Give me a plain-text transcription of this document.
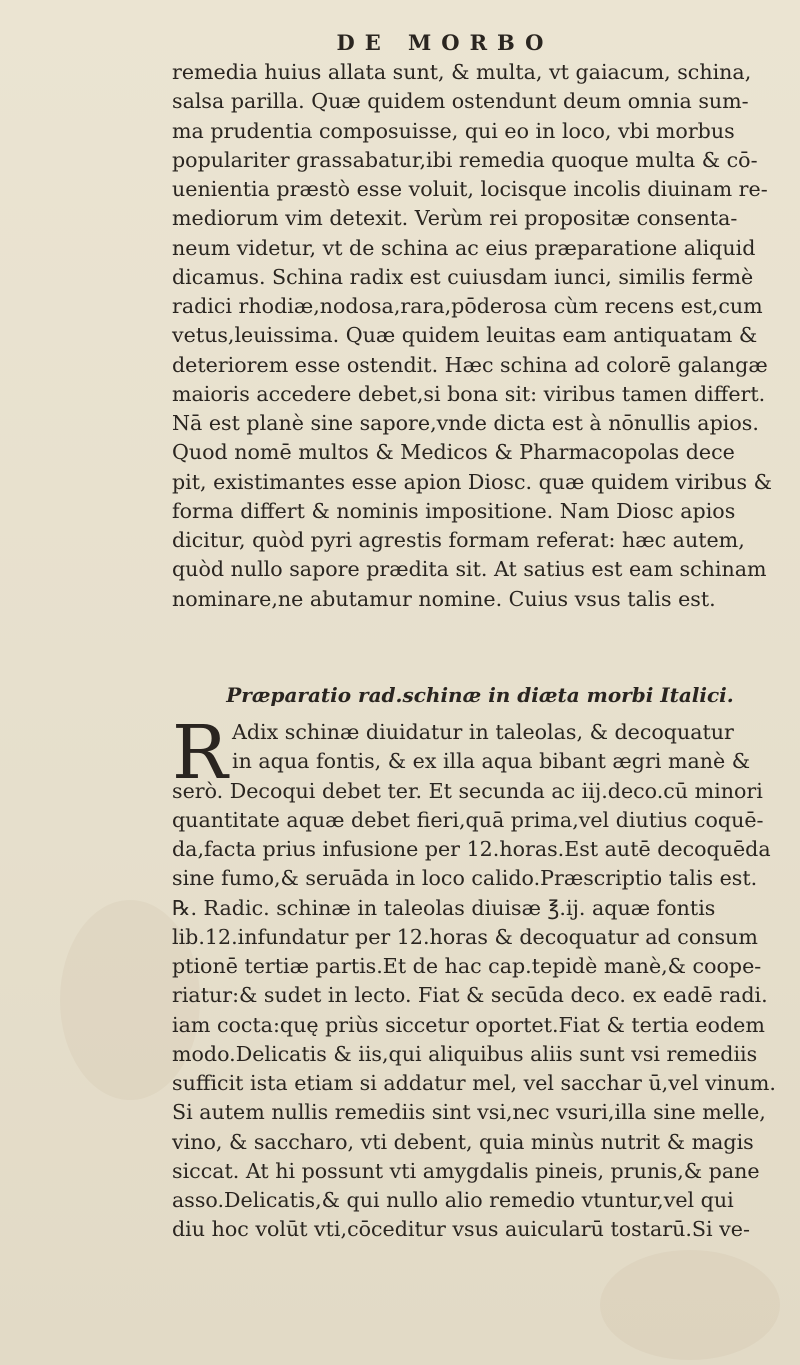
DE MORBO
remedia huius allata sunt, & multa, vt gaiacum, schina,
salsa parilla. Quæ quidem ostendunt deum omnia sum-
ma prudentia composuisse, qui eo in loco, vbi morbus
populariter grassabatur,ibi remedia quoque multa & cō-
uenientia præstò esse voluit, locisque incolis diuinam re-
mediorum vim detexit. Verùm rei propositæ consenta-
neum videtur, vt de schina ac eius præparatione aliquid
dicamus. Schina radix est cuiusdam iunci, similis fermè
radici rhodiæ,nodosa,rara,pōderosa cùm recens est,cum
vetus,leuissima. Quæ quidem leuitas eam antiquatam &
deteriorem esse ostendit. Hæc schina ad colorē galangæ
maioris accedere debet,si bona sit: viribus tamen differt.
Nā est planè sine sapore,vnde dicta est à nōnullis apios.
Quod nomē multos & Medicos & Pharmacopolas dece
pit, existimantes esse apion Diosc. quæ quidem viribus &
forma differt & nominis impositione. Nam Diosc apios
dicitur, quòd pyri agrestis formam referat: hæc autem,
quòd nullo sapore prædita sit. At satius est eam schinam
nominare,ne abutamur nomine. Cuius vsus talis est.
Præparatio rad.schinæ in diæta morbi Italici.
R Adix schinæ diuidatur in taleolas, & decoquatur
in aqua fontis, & ex illa aqua bibant ægri manè &
serò. Decoqui debet ter. Et secunda ac iij.deco.cū minori
quantitate aquæ debet fieri,quā prima,vel diutius coquē-
da,facta prius infusione per 12.horas.Est autē decoquēda
sine fumo,& seruāda in loco calido.Præscriptio talis est.
℞. Radic. schinæ in taleolas diuisæ ℥.ij. aquæ fontis
lib.12.infundatur per 12.horas & decoquatur ad consum
ptionē tertiæ partis.Et de hac cap.tepidè manè,& coope-
riatur:& sudet in lecto. Fiat & secūda deco. ex eadē radi.
iam cocta:quę priùs siccetur oportet.Fiat & tertia eodem
modo.Delicatis & iis,qui aliquibus aliis sunt vsi remediis
sufficit ista etiam si addatur mel, vel sacchar ū,vel vinum.
Si autem nullis remediis sint vsi,nec vsuri,illa sine melle,
vino, & saccharo, vti debent, quia minùs nutrit & magis
siccat. At hi possunt vti amygdalis pineis, prunis,& pane
asso.Delicatis,& qui nullo alio remedio vtuntur,vel qui
diu hoc volūt vti,cōceditur vsus auicularū tostarū.Si ve-
